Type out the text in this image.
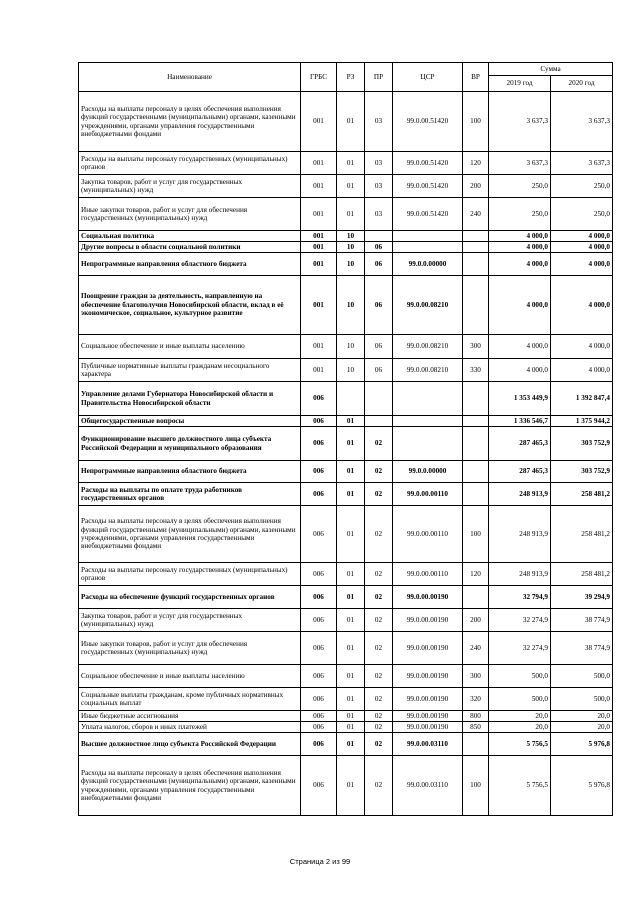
Наименование	ГРБС	РЗ	ПР	ЦСР	ВР	Сумма	
						2019 год	2020 год
Расходы на выплаты персоналу в целях обеспечения выполнения функций государственными (муниципальными) органами, казенными учреждениями, органами управления государственными внебюджетными фондами	001	01	03	99.0.00.51420	100	3 637,3	3 637,3
Расходы на выплаты персоналу государственных (муниципальных) органов	001	01	03	99.0.00.51420	120	3 637,3	3 637,3
Закупка товаров, работ и услуг для государственных (муниципальных) нужд	001	01	03	99.0.00.51420	200	250,0	250,0
Иные закупки товаров, работ и услуг для обеспечения государственных (муниципальных) нужд	001	01	03	99.0.00.51420	240	250,0	250,0
Социальная политика	001	10				4 000,0	4 000,0
Другие вопросы в области социальной политики	001	10	06			4 000,0	4 000,0
Непрограммные направления областного бюджета	001	10	06	99.0.0.00000		4 000,0	4 000,0
Поощрение граждан за деятельность, направленную на обеспечение благополучия Новосибирской области, вклад в её экономическое, социальное, культурное развитие	001	10	06	99.0.00.08210		4 000,0	4 000,0
Социальное обеспечение и иные выплаты населению	001	10	06	99.0.00.08210	300	4 000,0	4 000,0
Публичные нормативные выплаты гражданам несоциального характера	001	10	06	99.0.00.08210	330	4 000,0	4 000,0
Управление делами Губернатора Новосибирской области и Правительства Новосибирской области	006					1 353 449,9	1 392 847,4
Общегосударственные вопросы	006	01				1 336 546,7	1 375 944,2
Функционирование высшего должностного лица субъекта Российской Федерации и муниципального образования	006	01	02			287 465,3	303 752,9
Непрограммные направления областного бюджета	006	01	02	99.0.0.00000		287 465,3	303 752,9
Расходы на выплаты по оплате труда работников государственных органов	006	01	02	99.0.00.00110		248 913,9	258 481,2
Расходы на выплаты персоналу в целях обеспечения выполнения функций государственными (муниципальными) органами, казенными учреждениями, органами управления государственными внебюджетными фондами	006	01	02	99.0.00.00110	100	248 913,9	258 481,2
Расходы на выплаты персоналу государственных (муниципальных) органов	006	01	02	99.0.00.00110	120	248 913,9	258 481,2
Расходы на обеспечение функций государственных органов	006	01	02	99.0.00.00190		32 794,9	39 294,9
Закупка товаров, работ и услуг для государственных (муниципальных) нужд	006	01	02	99.0.00.00190	200	32 274,9	38 774,9
Иные закупки товаров, работ и услуг для обеспечения государственных (муниципальных) нужд	006	01	02	99.0.00.00190	240	32 274,9	38 774,9
Социальное обеспечение и иные выплаты населению	006	01	02	99.0.00.00190	300	500,0	500,0
Социальные выплаты гражданам, кроме публичных нормативных социальных выплат	006	01	02	99.0.00.00190	320	500,0	500,0
Иные бюджетные ассигнования	006	01	02	99.0.00.00190	800	20,0	20,0
Уплата налогов, сборов и иных платежей	006	01	02	99.0.00.00190	850	20,0	20,0
Высшее должностное лицо субъекта Российской Федерации	006	01	02	99.0.00.03110		5 756,5	5 976,8
Расходы на выплаты персоналу в целях обеспечения выполнения функций государственными (муниципальными) органами, казенными учреждениями, органами управления государственными внебюджетными фондами	006	01	02	99.0.00.03110	100	5 756,5	5 976,8
Страница 2 из 99
